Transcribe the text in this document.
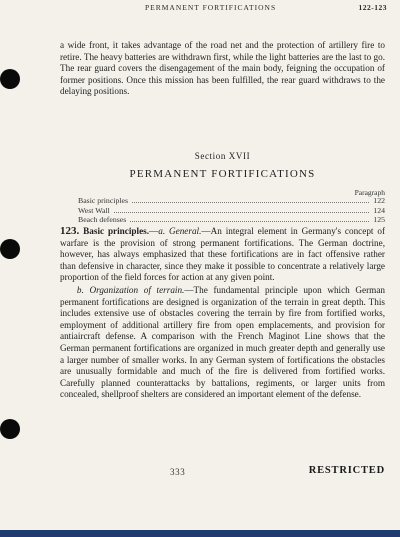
PERMANENT FORTIFICATIONS	122-123

a wide front, it takes advantage of the road net and the protection of artillery fire to retire. The heavy batteries are withdrawn first, while the light batteries are the last to go. The rear guard covers the disengagement of the main body, feigning the occupation of former positions. Once this mission has been fulfilled, the rear guard withdraws to the delaying positions.

Section XVII
PERMANENT FORTIFICATIONS
Paragraph
Basic principles	122
West Wall	124
Beach defenses	125

123. Basic principles.—a. General.—An integral element in Germany's concept of warfare is the provision of strong permanent fortifications. The German doctrine, however, has always emphasized that these fortifications are in fact offensive rather than defensive in character, since they make it possible to concentrate a relatively large proportion of the field forces for action at any given point.

b. Organization of terrain.—The fundamental principle upon which German permanent fortifications are designed is organization of the terrain in great depth. This includes extensive use of obstacles covering the terrain by fire from fortified works, employment of additional artillery fire from open emplacements, and provision for antiaircraft defense. A comparison with the French Maginot Line shows that the German permanent fortifications are organized in much greater depth and generally use a larger number of smaller works. In any German system of fortifications the obstacles are unusually formidable and much of the fire is delivered from fortified works. Carefully planned counterattacks by battalions, regiments, or larger units from concealed, shellproof shelters are considered an important element of the defense.

333	RESTRICTED
